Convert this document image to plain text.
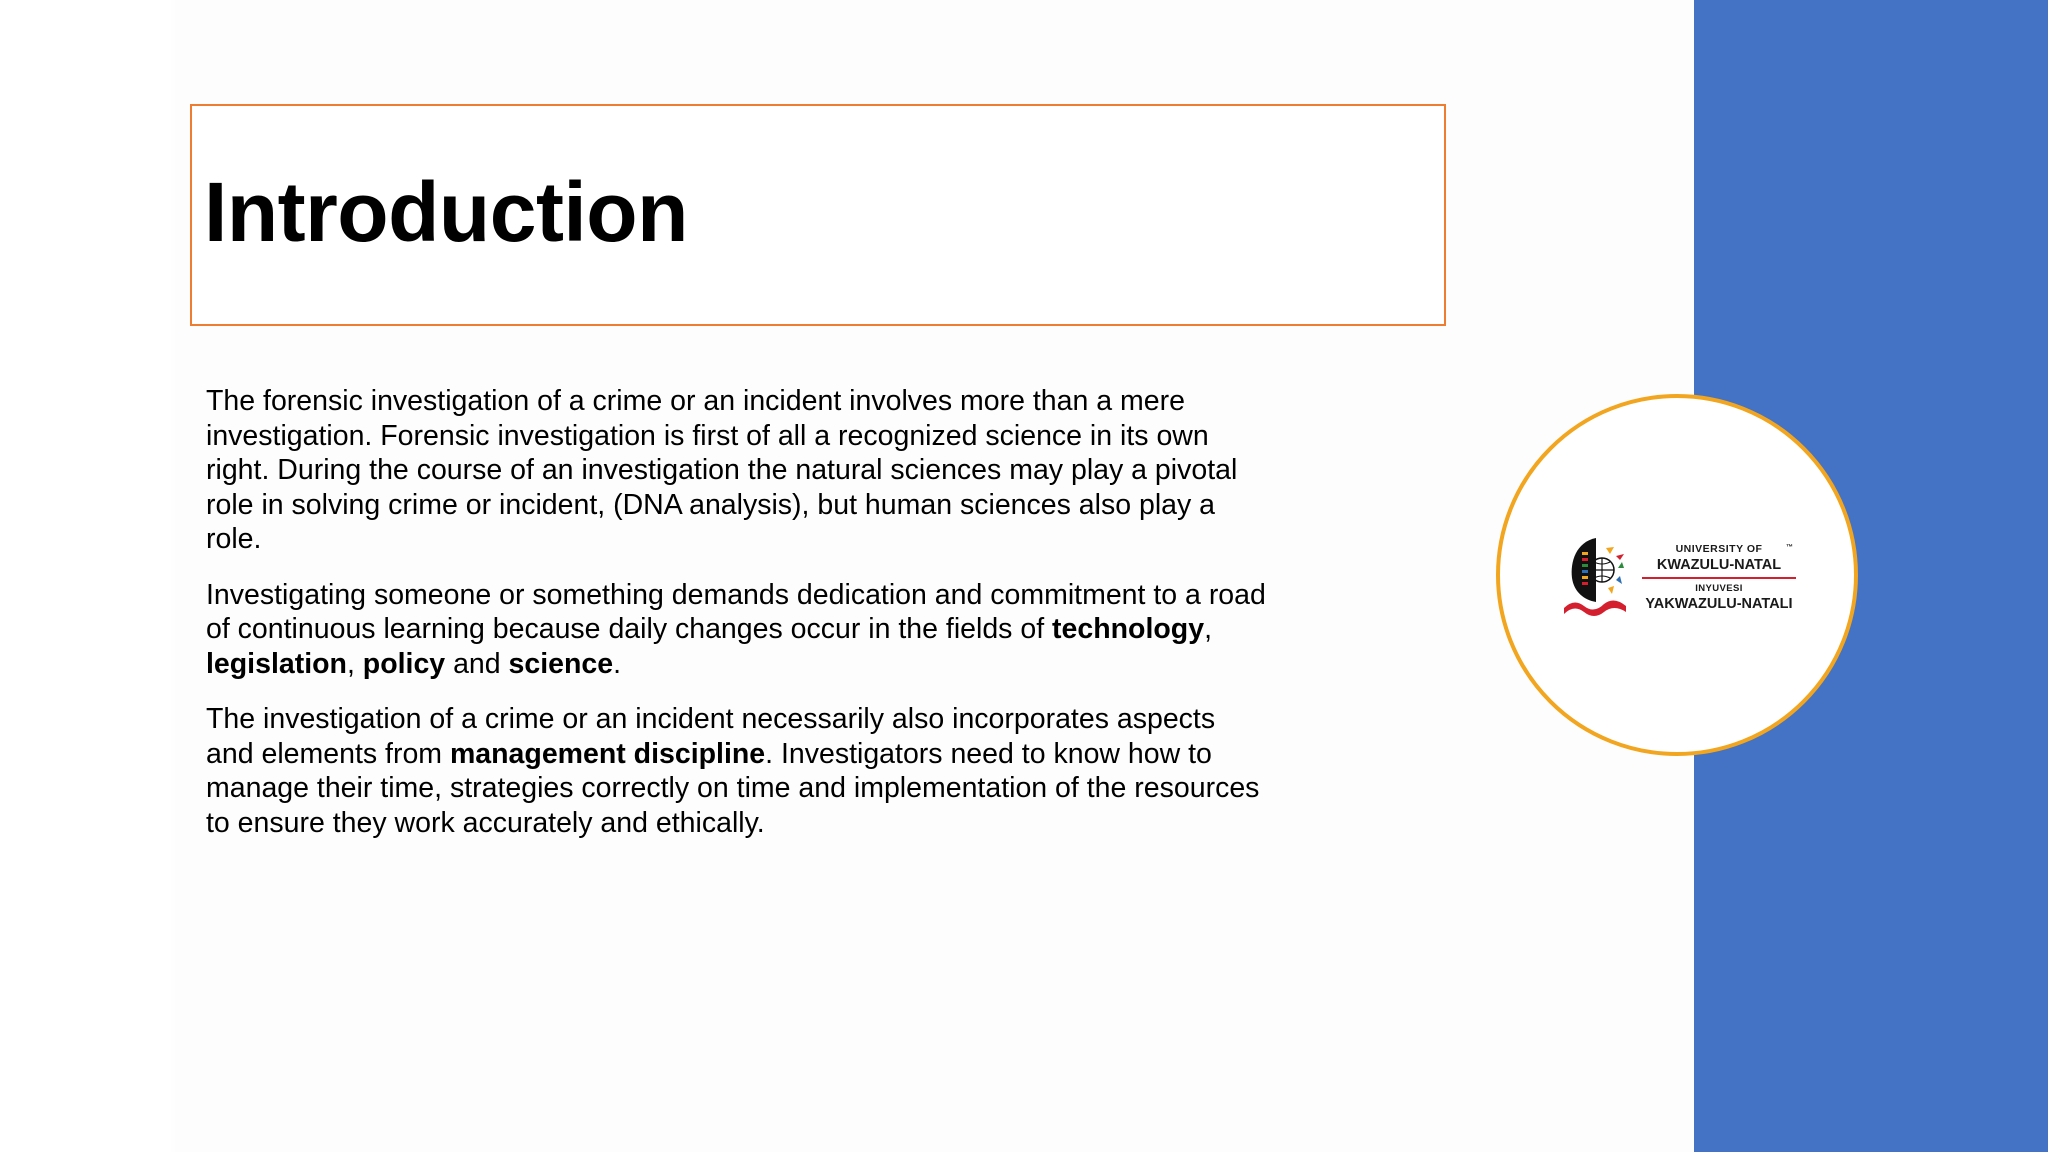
Introduction

The forensic investigation of a crime or an incident involves more than a mere investigation. Forensic investigation is first of all a recognized science in its own right. During the course of an investigation the natural sciences may play a pivotal role in solving crime or incident, (DNA analysis), but human sciences also play a role.

Investigating someone or something demands dedication and commitment to a road of continuous learning because daily changes occur in the fields of technology, legislation, policy and science.

The investigation of a crime or an incident necessarily also incorporates aspects and elements from management discipline. Investigators need to know how to manage their time, strategies correctly on time and implementation of the resources to ensure they work accurately and ethically.

UNIVERSITY OF
KWAZULU-NATAL
INYUVESI
YAKWAZULU-NATALI
™
